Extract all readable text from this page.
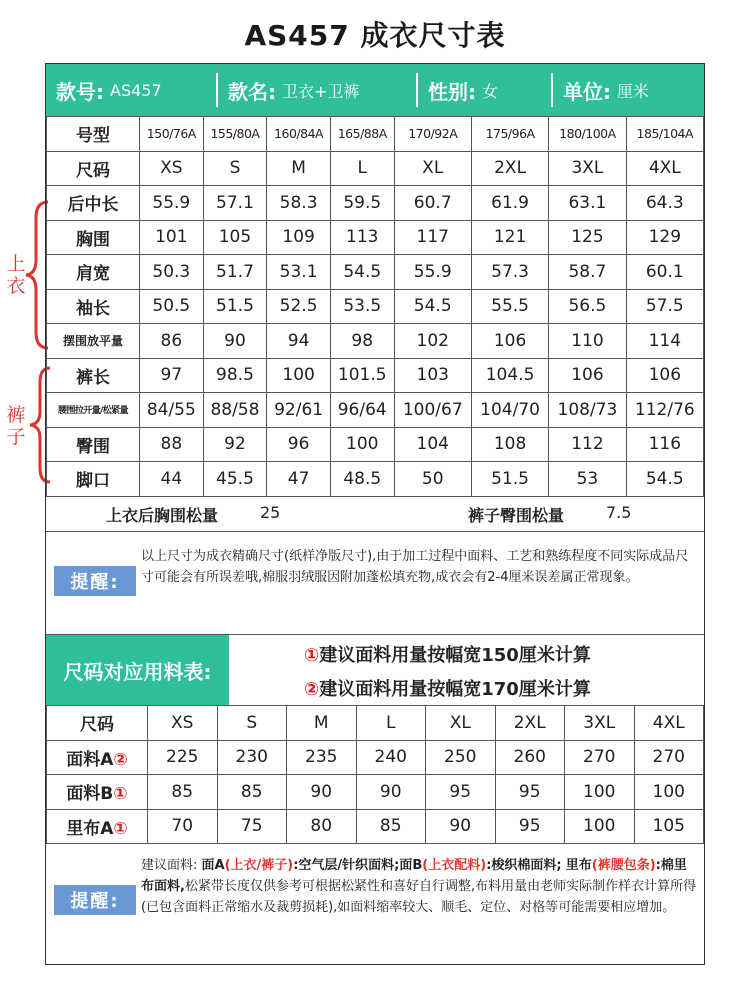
AS457 成衣尺寸表
上衣
裤子
款号: AS457	款名: 卫衣+卫裤	性别: 女	单位: 厘米
号型	150/76A	155/80A	160/84A	165/88A	170/92A	175/96A	180/100A	185/104A
尺码	XS	S	M	L	XL	2XL	3XL	4XL
后中长	55.9	57.1	58.3	59.5	60.7	61.9	63.1	64.3
胸围	101	105	109	113	117	121	125	129
肩宽	50.3	51.7	53.1	54.5	55.9	57.3	58.7	60.1
袖长	50.5	51.5	52.5	53.5	54.5	55.5	56.5	57.5
摆围放平量	86	90	94	98	102	106	110	114
裤长	97	98.5	100	101.5	103	104.5	106	106
腰围拉开量/松紧量	84/55	88/58	92/61	96/64	100/67	104/70	108/73	112/76
臀围	88	92	96	100	104	108	112	116
脚口	44	45.5	47	48.5	50	51.5	53	54.5
上衣后胸围松量	25	裤子臀围松量	7.5
提醒:
以上尺寸为成衣精确尺寸(纸样净版尺寸),由于加工过程中面料、工艺和熟练程度不同实际成品尺寸可能会有所误差哦,棉服羽绒服因附加蓬松填充物,成衣会有2-4厘米误差属正常现象。
尺码对应用料表:
①建议面料用量按幅宽150厘米计算
②建议面料用量按幅宽170厘米计算
尺码	XS	S	M	L	XL	2XL	3XL	4XL
面料A②	225	230	235	240	250	260	270	270
面料B①	85	85	90	90	95	95	100	100
里布A①	70	75	80	85	90	95	100	105
提醒:
建议面料: 面A(上衣/裤子):空气层/针织面料;面B(上衣配料):梭织棉面料; 里布(裤腰包条):棉里布面料,松紧带长度仅供参考可根据松紧性和喜好自行调整,布料用量由老师实际制作样衣计算所得(已包含面料正常缩水及裁剪损耗),如面料缩率较大、顺毛、定位、对格等可能需要相应增加。
